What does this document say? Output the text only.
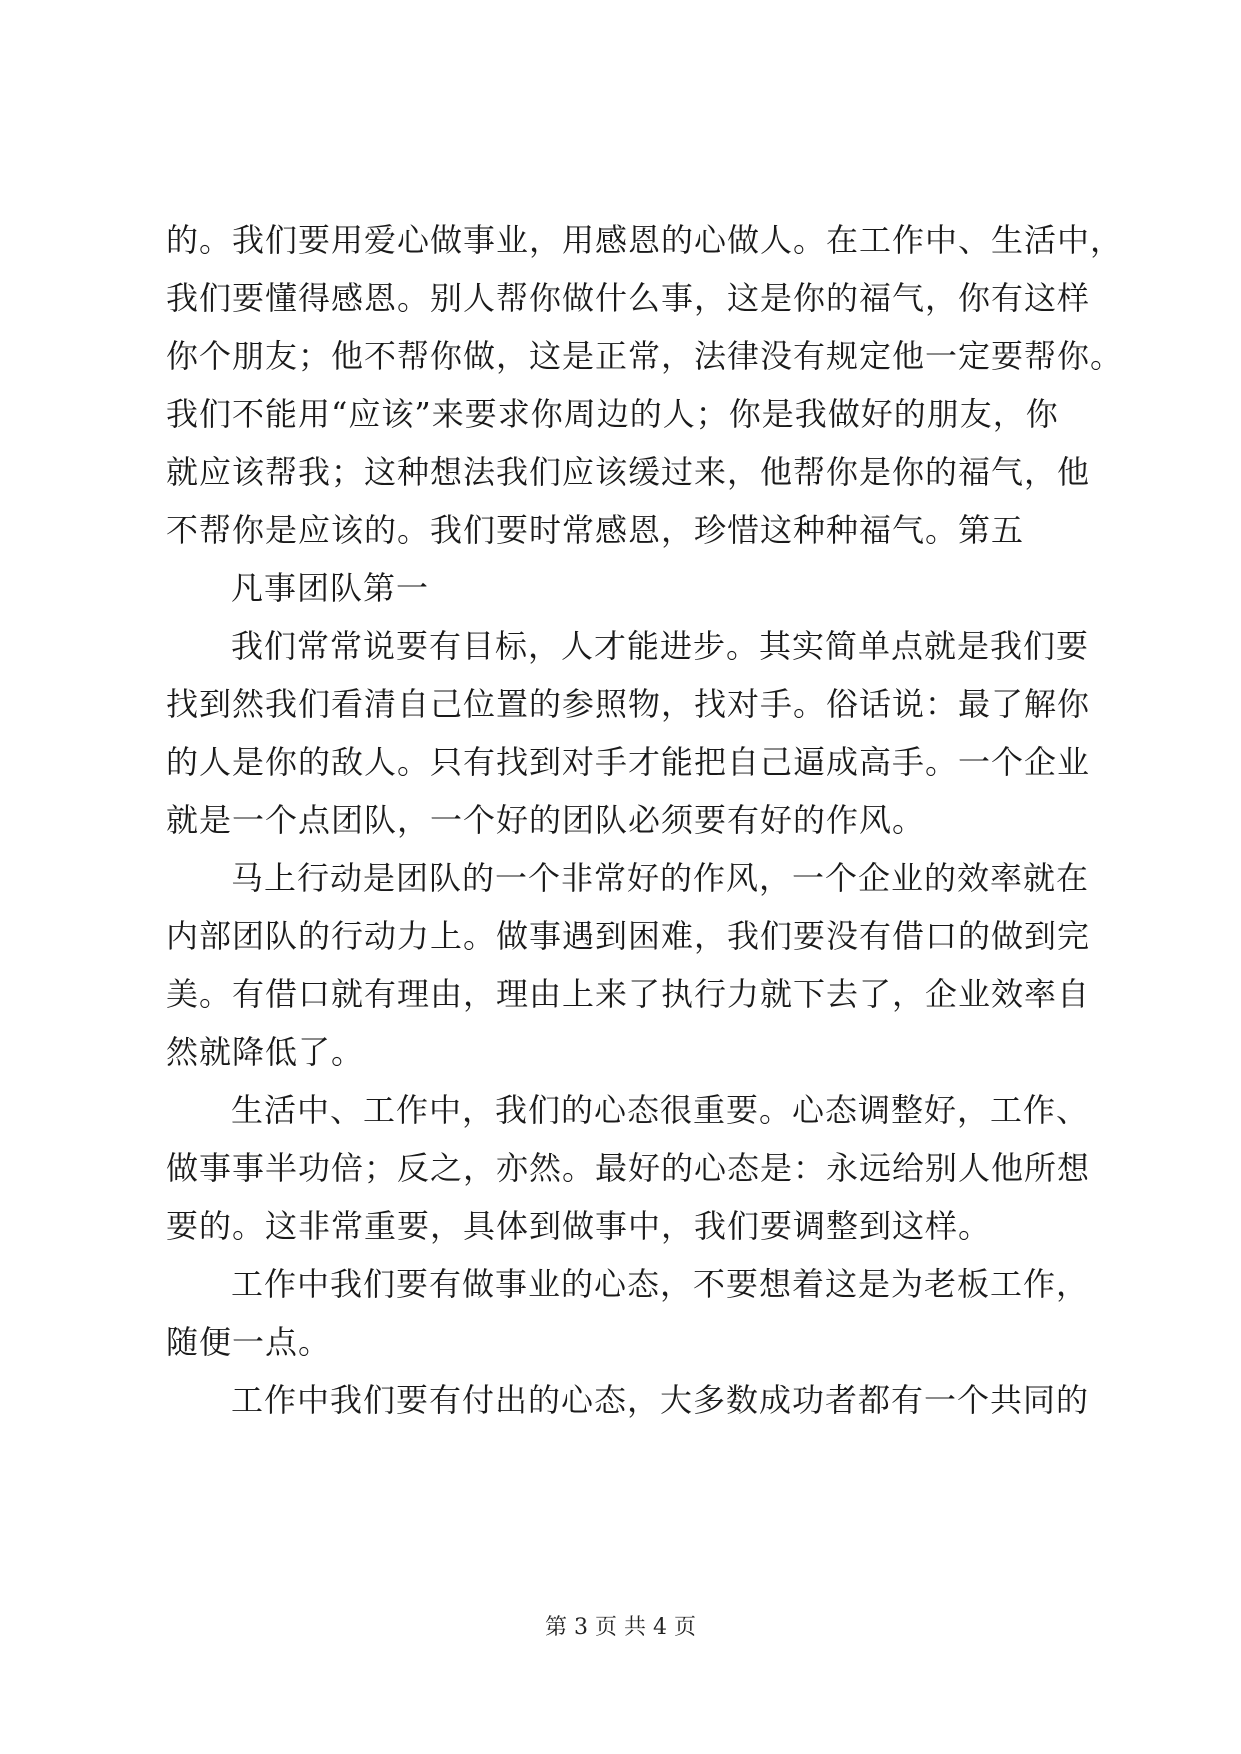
的。我们要用爱心做事业，用感恩的心做人。在工作中、生活中，
我们要懂得感恩。别人帮你做什么事，这是你的福气，你有这样
你个朋友；他不帮你做，这是正常，法律没有规定他一定要帮你。
我们不能用“应该”来要求你周边的人；你是我做好的朋友，你
就应该帮我；这种想法我们应该缓过来，他帮你是你的福气，他
不帮你是应该的。我们要时常感恩，珍惜这种种福气。第五
凡事团队第一
我们常常说要有目标，人才能进步。其实简单点就是我们要
找到然我们看清自己位置的参照物，找对手。俗话说：最了解你
的人是你的敌人。只有找到对手才能把自己逼成高手。一个企业
就是一个点团队，一个好的团队必须要有好的作风。
马上行动是团队的一个非常好的作风，一个企业的效率就在
内部团队的行动力上。做事遇到困难，我们要没有借口的做到完
美。有借口就有理由，理由上来了执行力就下去了，企业效率自
然就降低了。
生活中、工作中，我们的心态很重要。心态调整好，工作、
做事事半功倍；反之，亦然。最好的心态是：永远给别人他所想
要的。这非常重要，具体到做事中，我们要调整到这样。
工作中我们要有做事业的心态，不要想着这是为老板工作，
随便一点。
工作中我们要有付出的心态，大多数成功者都有一个共同的
第 3 页 共 4 页
